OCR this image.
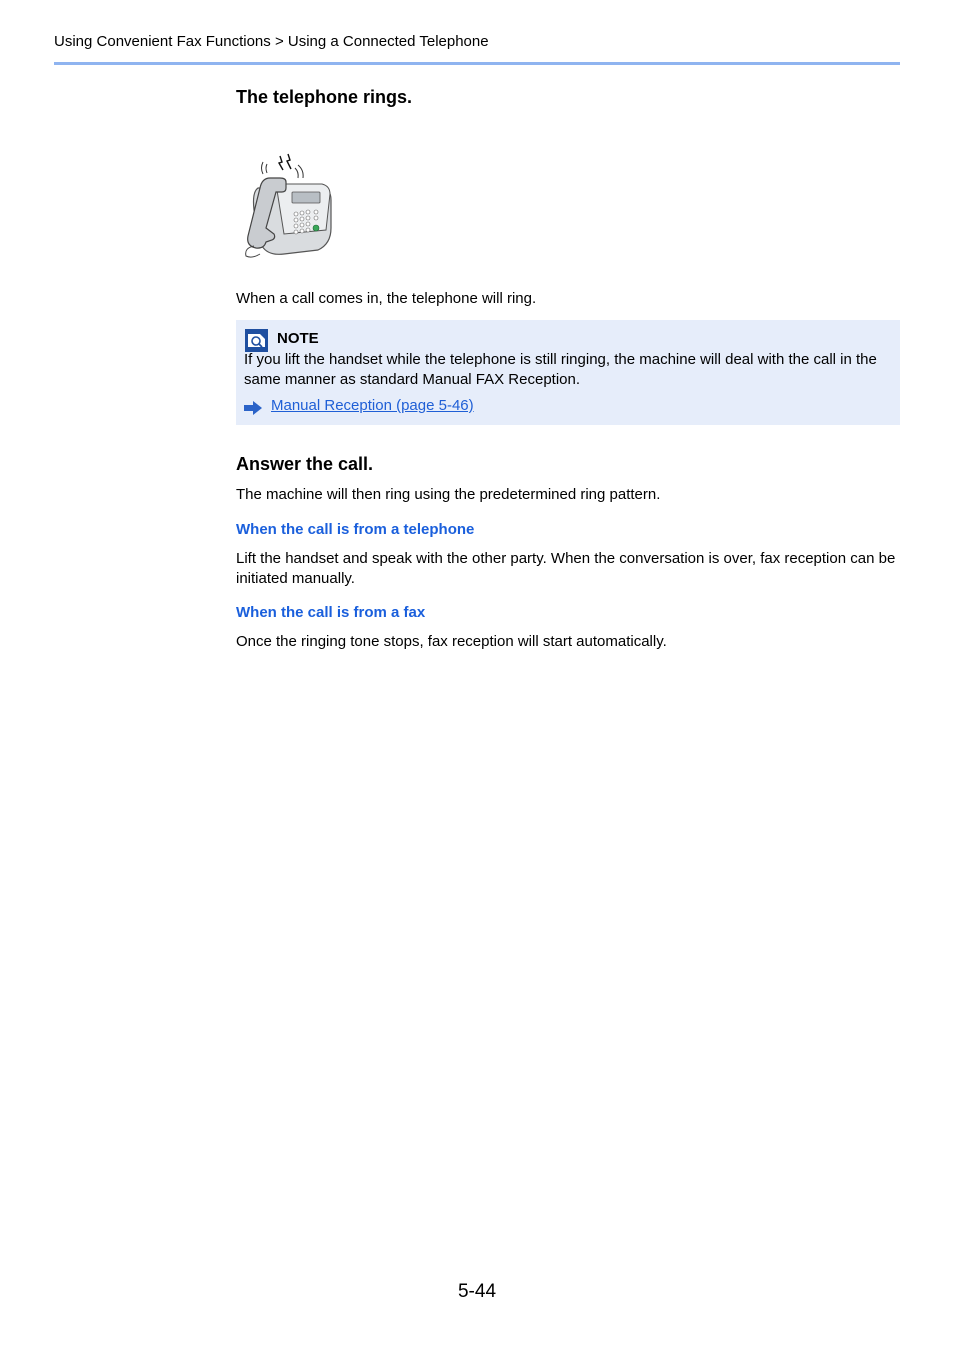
Using Convenient Fax Functions > Using a Connected Telephone
The telephone rings.
When a call comes in, the telephone will ring.
Answer the call.
The machine will then ring using the predetermined ring pattern.
When the call is from a telephone
Lift the handset and speak with the other party. When the conversation is over, fax reception can be initiated manually.
When the call is from a fax
Once the ringing tone stops, fax reception will start automatically.
NOTE
If you lift the handset while the telephone is still ringing, the machine will deal with the call in the same manner as standard Manual FAX Reception.
Manual Reception (page 5-46)
5-44
